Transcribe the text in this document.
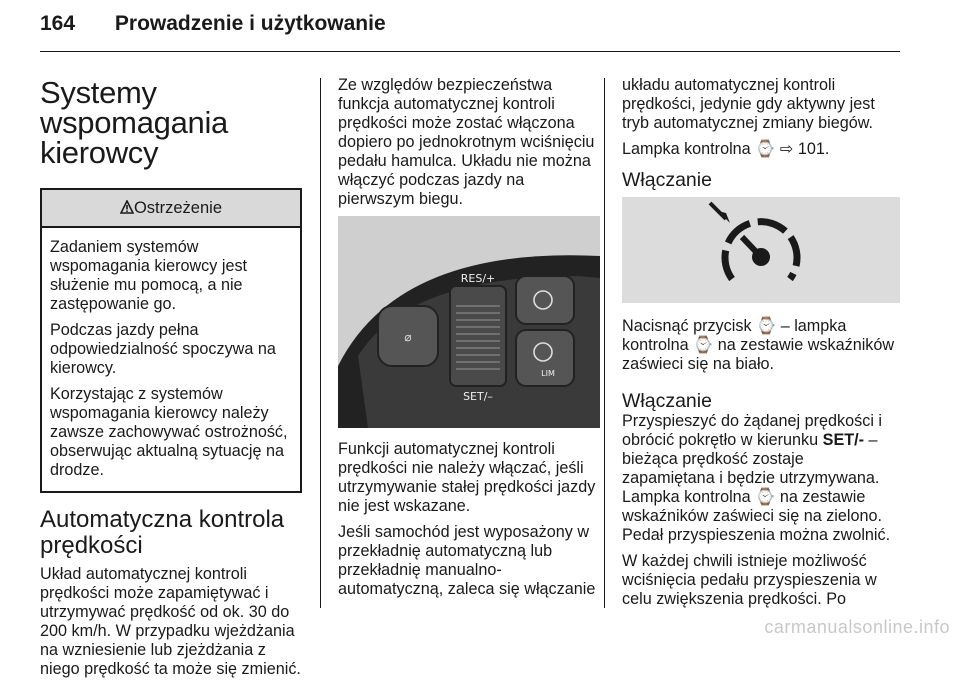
164 Prowadzenie i użytkowanie
Systemy wspomagania kierowcy
Ostrzeżenie

Zadaniem systemów wspomagania kierowcy jest służenie mu pomocą, a nie zastępowanie go.

Podczas jazdy pełna odpowiedzialność spoczywa na kierowcy.

Korzystając z systemów wspomagania kierowcy należy zawsze zachowywać ostrożność, obserwując aktualną sytuację na drodze.

Automatyczna kontrola prędkości

Układ automatycznej kontroli prędkości może zapamiętywać i utrzymywać prędkość od ok. 30 do 200 km/h. W przypadku wjeżdżania na wzniesienie lub zjeżdżania z niego prędkość ta może się zmienić.

Ze względów bezpieczeństwa funkcja automatycznej kontroli prędkości może zostać włączona dopiero po jednokrotnym wciśnięciu pedału hamulca. Układu nie można włączyć podczas jazdy na pierwszym biegu.

⌀
RES/+
SET/–
LIM

Funkcji automatycznej kontroli prędkości nie należy włączać, jeśli utrzymywanie stałej prędkości jazdy nie jest wskazane.

Jeśli samochód jest wyposażony w przekładnię automatyczną lub przekładnię manualno-automatyczną, zaleca się włączanie

układu automatycznej kontroli prędkości, jedynie gdy aktywny jest tryb automatycznej zmiany biegów.

Lampka kontrolna ⌚ ⇨ 101.

Włączanie

Nacisnąć przycisk ⌚ – lampka kontrolna ⌚ na zestawie wskaźników zaświeci się na biało.

Włączanie

Przyspieszyć do żądanej prędkości i obrócić pokrętło w kierunku SET/- – bieżąca prędkość zostaje zapamiętana i będzie utrzymywana. Lampka kontrolna ⌚ na zestawie wskaźników zaświeci się na zielono. Pedał przyspieszenia można zwolnić.

W każdej chwili istnieje możliwość wciśnięcia pedału przyspieszenia w celu zwiększenia prędkości. Po

carmanualsonline.info
